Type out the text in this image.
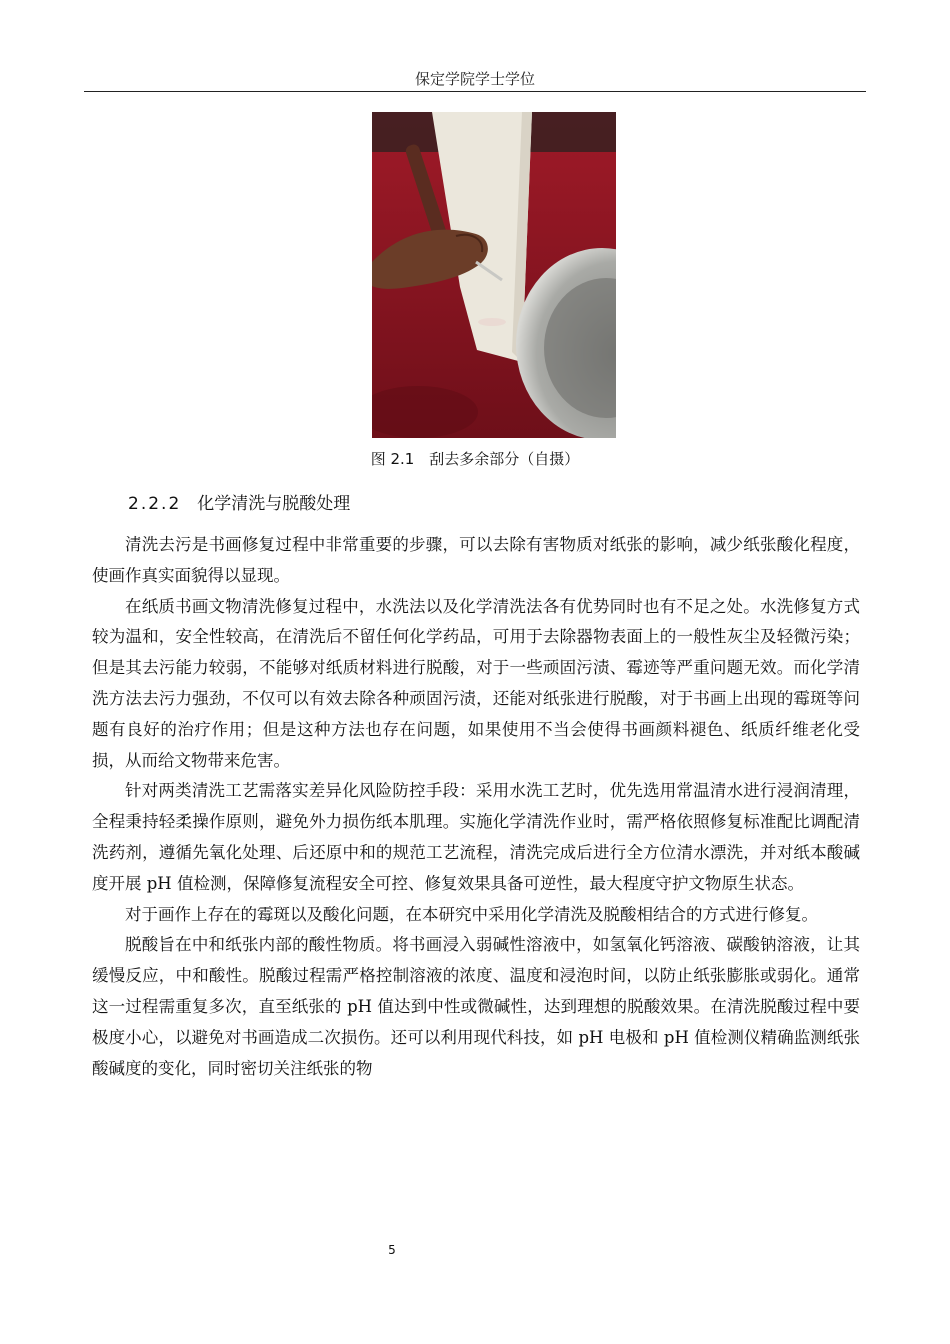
保定学院学士学位
图 2.1　刮去多余部分（自摄）
2.2.2 化学清洗与脱酸处理

清洗去污是书画修复过程中非常重要的步骤，可以去除有害物质对纸张的影响，减少纸张酸化程度，使画作真实面貌得以显现。

在纸质书画文物清洗修复过程中，水洗法以及化学清洗法各有优势同时也有不足之处。水洗修复方式较为温和，安全性较高，在清洗后不留任何化学药品，可用于去除器物表面上的一般性灰尘及轻微污染；但是其去污能力较弱，不能够对纸质材料进行脱酸，对于一些顽固污渍、霉迹等严重问题无效。而化学清洗方法去污力强劲，不仅可以有效去除各种顽固污渍，还能对纸张进行脱酸，对于书画上出现的霉斑等问题有良好的治疗作用；但是这种方法也存在问题，如果使用不当会使得书画颜料褪色、纸质纤维老化受损，从而给文物带来危害。

针对两类清洗工艺需落实差异化风险防控手段：采用水洗工艺时，优先选用常温清水进行浸润清理，全程秉持轻柔操作原则，避免外力损伤纸本肌理。实施化学清洗作业时，需严格依照修复标准配比调配清洗药剂，遵循先氧化处理、后还原中和的规范工艺流程，清洗完成后进行全方位清水漂洗，并对纸本酸碱度开展 pH 值检测，保障修复流程安全可控、修复效果具备可逆性，最大程度守护文物原生状态。

对于画作上存在的霉斑以及酸化问题，在本研究中采用化学清洗及脱酸相结合的方式进行修复。

脱酸旨在中和纸张内部的酸性物质。将书画浸入弱碱性溶液中，如氢氧化钙溶液、碳酸钠溶液，让其缓慢反应，中和酸性。脱酸过程需严格控制溶液的浓度、温度和浸泡时间，以防止纸张膨胀或弱化。通常这一过程需重复多次，直至纸张的 pH 值达到中性或微碱性，达到理想的脱酸效果。在清洗脱酸过程中要极度小心，以避免对书画造成二次损伤。还可以利用现代科技，如 pH 电极和 pH 值检测仪精确监测纸张酸碱度的变化，同时密切关注纸张的物

5
